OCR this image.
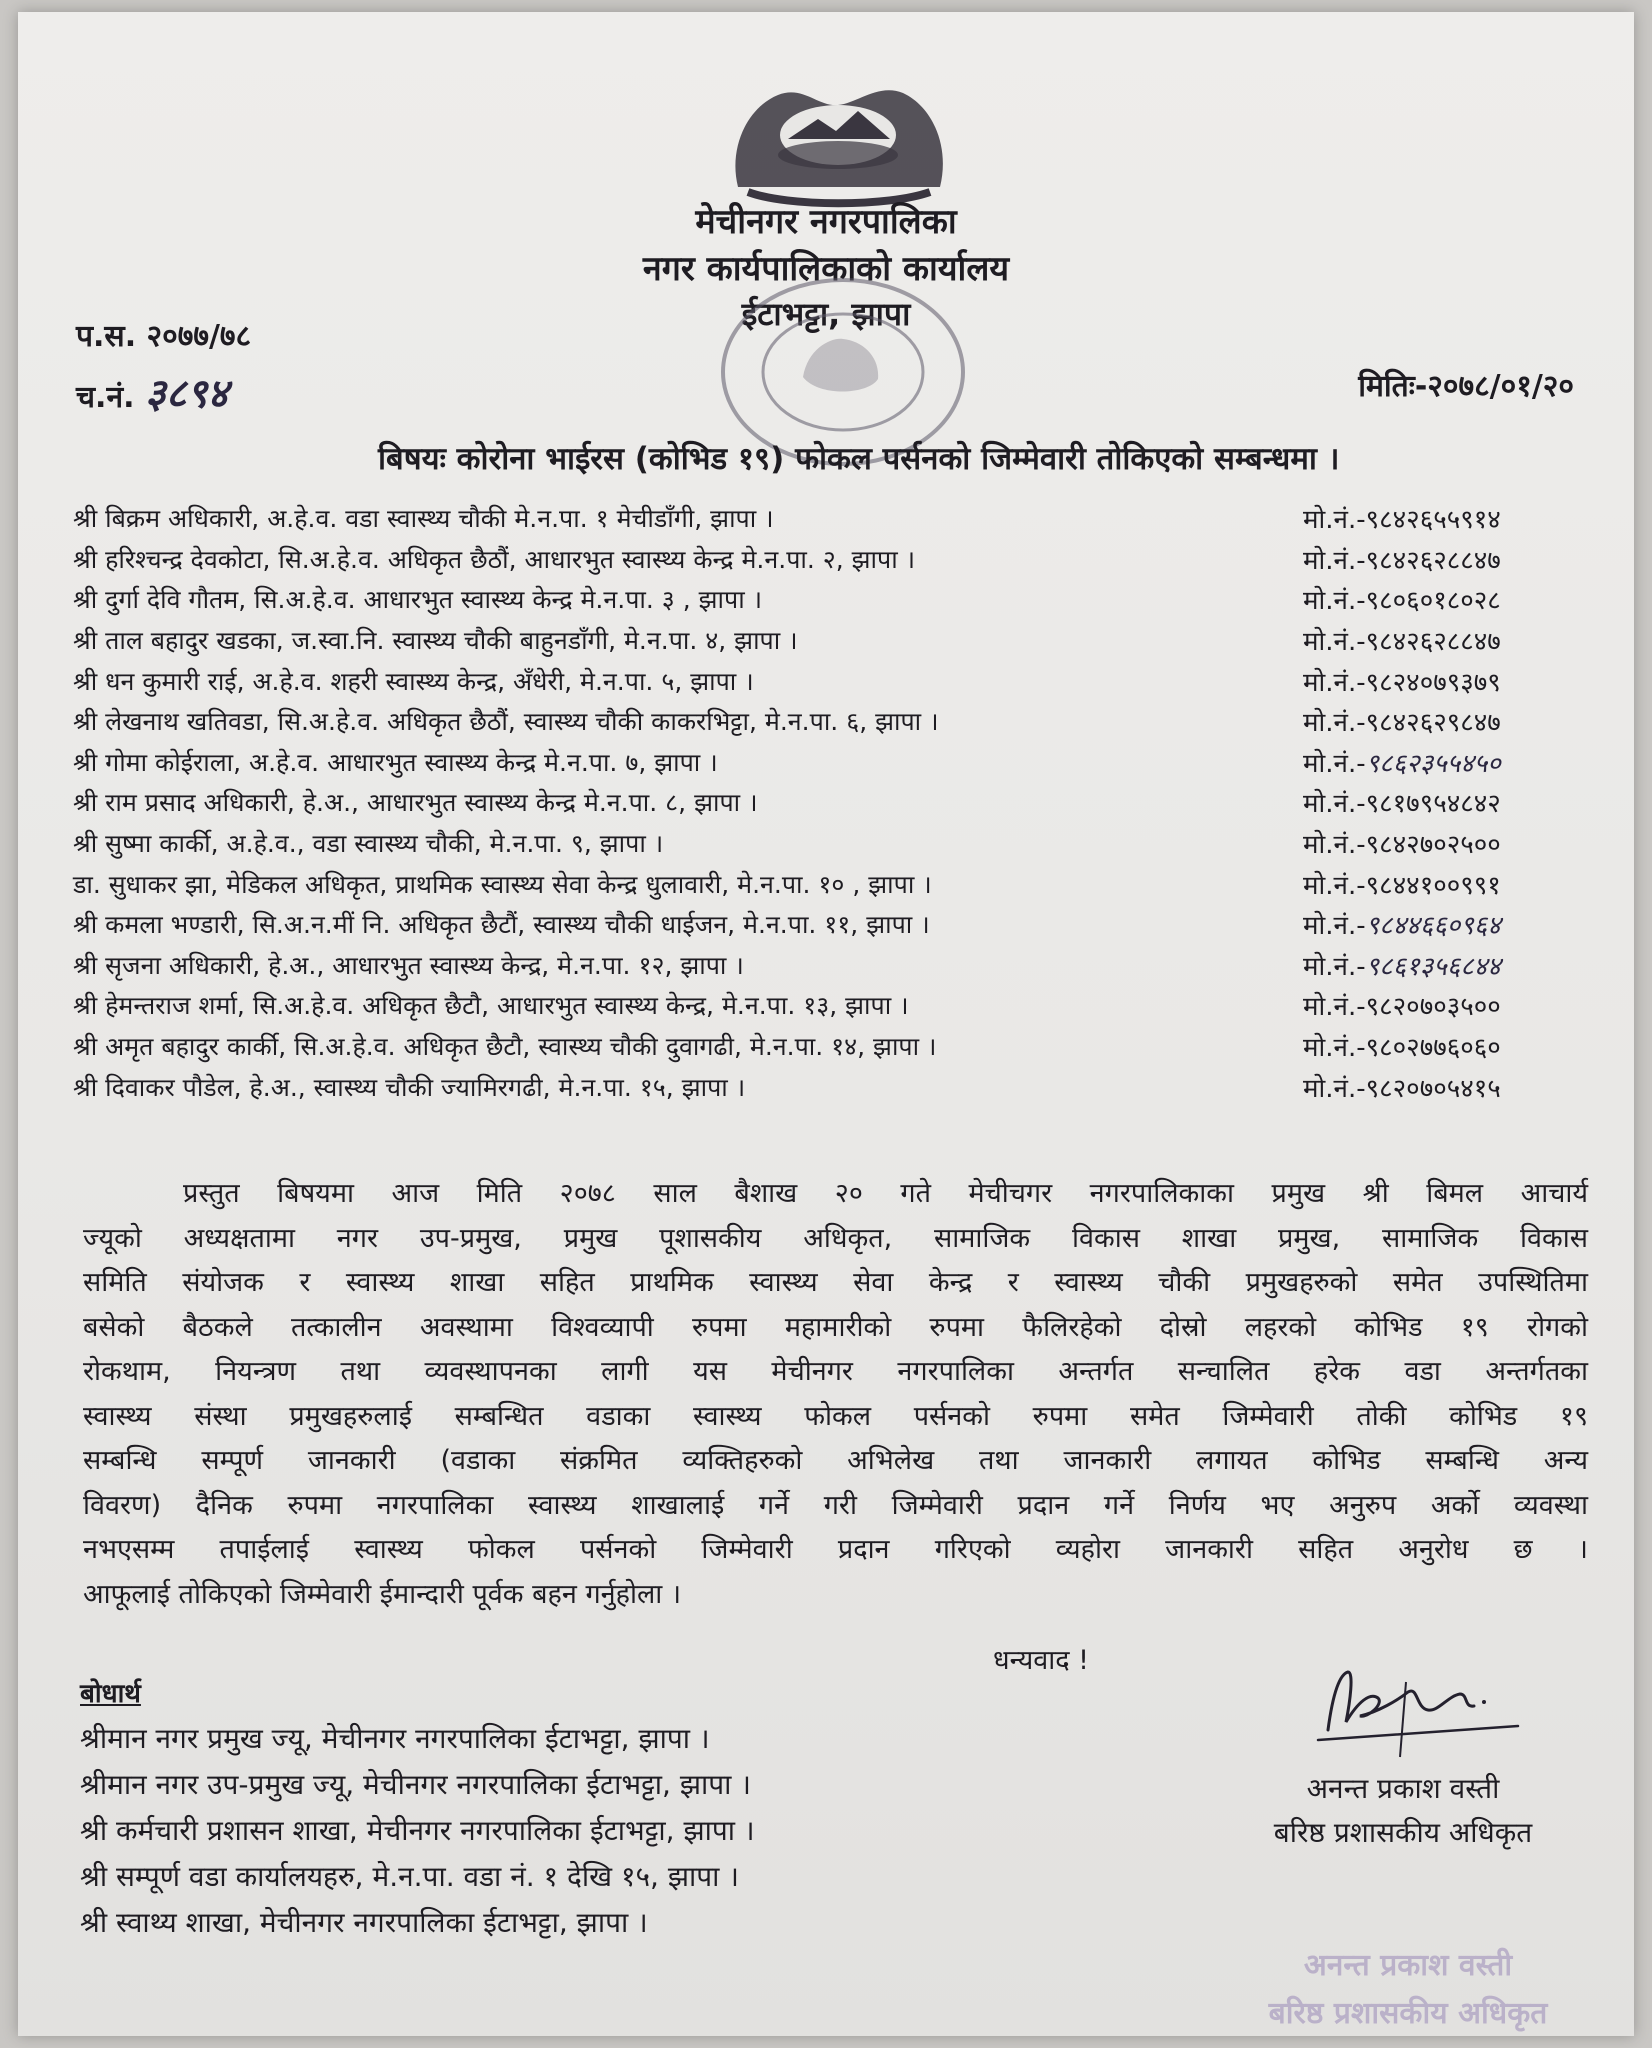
मेचीनगर नगरपालिका
नगर कार्यपालिकाको कार्यालय
ईटाभट्टा, झापा
प.स. २०७७/७८
च.नं. ३८९४	मितिः-२०७८/०१/२०
बिषयः कोरोना भाईरस (कोभिड १९) फोकल पर्सनको जिम्मेवारी तोकिएको सम्बन्धमा ।
श्री बिक्रम अधिकारी, अ.हे.व. वडा स्वास्थ्य चौकी मे.न.पा. १ मेचीडाँगी, झापा ।	मो.नं.-९८४२६५५९१४
श्री हरिश्चन्द्र देवकोटा, सि.अ.हे.व. अधिकृत छैठौं, आधारभुत स्वास्थ्य केन्द्र मे.न.पा. २, झापा ।	मो.नं.-९८४२६२८८४७
श्री दुर्गा देवि गौतम, सि.अ.हे.व. आधारभुत स्वास्थ्य केन्द्र मे.न.पा. ३ , झापा ।	मो.नं.-९८०६०१८०२८
श्री ताल बहादुर खडका, ज.स्वा.नि. स्वास्थ्य चौकी बाहुनडाँगी, मे.न.पा. ४, झापा ।	मो.नं.-९८४२६२८८४७
श्री धन कुमारी राई, अ.हे.व. शहरी स्वास्थ्य केन्द्र, अँधेरी, मे.न.पा. ५, झापा ।	मो.नं.-९८२४०७९३७९
श्री लेखनाथ खतिवडा, सि.अ.हे.व. अधिकृत छैठौं, स्वास्थ्य चौकी काकरभिट्टा, मे.न.पा. ६, झापा ।	मो.नं.-९८४२६२९८४७
श्री गोमा कोईराला, अ.हे.व. आधारभुत स्वास्थ्य केन्द्र मे.न.पा. ७, झापा ।	मो.नं.-९८६२३५५४५०
श्री राम प्रसाद अधिकारी, हे.अ., आधारभुत स्वास्थ्य केन्द्र मे.न.पा. ८, झापा ।	मो.नं.-९८१७९५४८४२
श्री सुष्मा कार्की, अ.हे.व., वडा स्वास्थ्य चौकी, मे.न.पा. ९, झापा ।	मो.नं.-९८४२७०२५००
डा. सुधाकर झा, मेडिकल अधिकृत, प्राथमिक स्वास्थ्य सेवा केन्द्र धुलावारी, मे.न.पा. १० , झापा ।	मो.नं.-९८४४१००९९१
श्री कमला भण्डारी, सि.अ.न.मीं नि. अधिकृत छैटौं, स्वास्थ्य चौकी धाईजन, मे.न.पा. ११, झापा ।	मो.नं.-९८४४६६०९६४
श्री सृजना अधिकारी, हे.अ., आधारभुत स्वास्थ्य केन्द्र, मे.न.पा. १२, झापा ।	मो.नं.-९८६१३५६८४४
श्री हेमन्तराज शर्मा, सि.अ.हे.व. अधिकृत छैटौ, आधारभुत स्वास्थ्य केन्द्र, मे.न.पा. १३, झापा ।	मो.नं.-९८२०७०३५००
श्री अमृत बहादुर कार्की, सि.अ.हे.व. अधिकृत छैटौ, स्वास्थ्य चौकी दुवागढी, मे.न.पा. १४, झापा ।	मो.नं.-९८०२७७६०६०
श्री दिवाकर पौडेल, हे.अ., स्वास्थ्य चौकी ज्यामिरगढी, मे.न.पा. १५, झापा ।	मो.नं.-९८२०७०५४१५
प्रस्तुत बिषयमा आज मिति २०७८ साल बैशाख २० गते मेचीचगर नगरपालिकाका प्रमुख श्री बिमल आचार्य
ज्यूको अध्यक्षतामा नगर उप-प्रमुख, प्रमुख पूशासकीय अधिकृत, सामाजिक विकास शाखा प्रमुख, सामाजिक विकास
समिति संयोजक र स्वास्थ्य शाखा सहित प्राथमिक स्वास्थ्य सेवा केन्द्र र स्वास्थ्य चौकी प्रमुखहरुको समेत उपस्थितिमा
बसेको बैठकले तत्कालीन अवस्थामा विश्वव्यापी रुपमा महामारीको रुपमा फैलिरहेको दोस्रो लहरको कोभिड १९ रोगको
रोकथाम, नियन्त्रण तथा व्यवस्थापनका लागी यस मेचीनगर नगरपालिका अन्तर्गत सन्चालित हरेक वडा अन्तर्गतका
स्वास्थ्य संस्था प्रमुखहरुलाई सम्बन्धित वडाका स्वास्थ्य फोकल पर्सनको रुपमा समेत जिम्मेवारी तोकी कोभिड १९
सम्बन्धि सम्पूर्ण जानकारी (वडाका संक्रमित व्यक्तिहरुको अभिलेख तथा जानकारी लगायत कोभिड सम्बन्धि अन्य
विवरण) दैनिक रुपमा नगरपालिका स्वास्थ्य शाखालाई गर्ने गरी जिम्मेवारी प्रदान गर्ने निर्णय भए अनुरुप अर्को व्यवस्था
नभएसम्म तपाईलाई स्वास्थ्य फोकल पर्सनको जिम्मेवारी प्रदान गरिएको व्यहोरा जानकारी सहित अनुरोध छ ।
आफूलाई तोकिएको जिम्मेवारी ईमान्दारी पूर्वक बहन गर्नुहोला ।
धन्यवाद !
बोधार्थ
श्रीमान नगर प्रमुख ज्यू, मेचीनगर नगरपालिका ईटाभट्टा, झापा ।
श्रीमान नगर उप-प्रमुख ज्यू, मेचीनगर नगरपालिका ईटाभट्टा, झापा ।
श्री कर्मचारी प्रशासन शाखा, मेचीनगर नगरपालिका ईटाभट्टा, झापा ।
श्री सम्पूर्ण वडा कार्यालयहरु, मे.न.पा. वडा नं. १ देखि १५, झापा ।
श्री स्वाथ्य शाखा, मेचीनगर नगरपालिका ईटाभट्टा, झापा ।
अनन्त प्रकाश वस्ती
बरिष्ठ प्रशासकीय अधिकृत
अनन्त प्रकाश वस्ती
बरिष्ठ प्रशासकीय अधिकृत
